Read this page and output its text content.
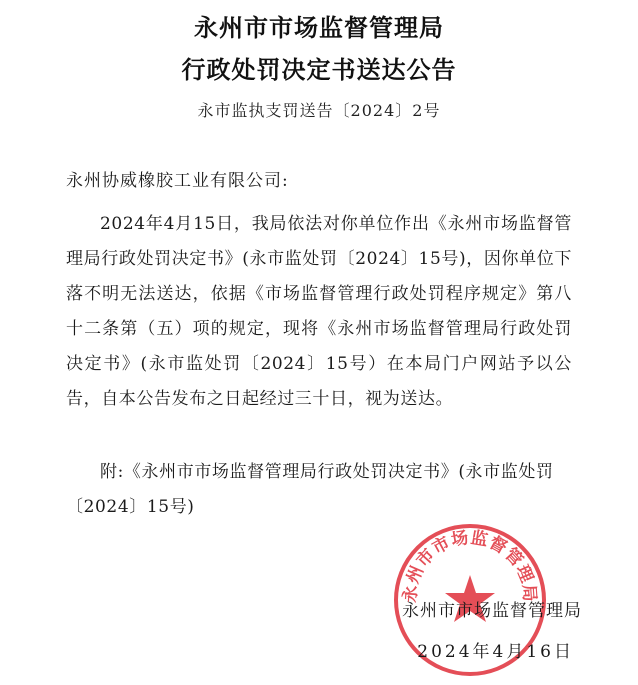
永州市市场监督管理局
行政处罚决定书送达公告
永市监执支罚送告〔2024〕2号
永州协威橡胶工业有限公司:

2024年4月15日，我局依法对你单位作出《永州市场监督管理局行政处罚决定书》(永市监处罚〔2024〕15号)，因你单位下落不明无法送达，依据《市场监督管理行政处罚程序规定》第八十二条第（五）项的规定，现将《永州市场监督管理局行政处罚决定书》(永市监处罚〔2024〕15号）在本局门户网站予以公告，自本公告发布之日起经过三十日，视为送达。

附:《永州市市场监督管理局行政处罚决定书》(永市监处罚〔2024〕15号)

永州市市场监督管理局
永州市市场监督管理局
2024年4月16日
